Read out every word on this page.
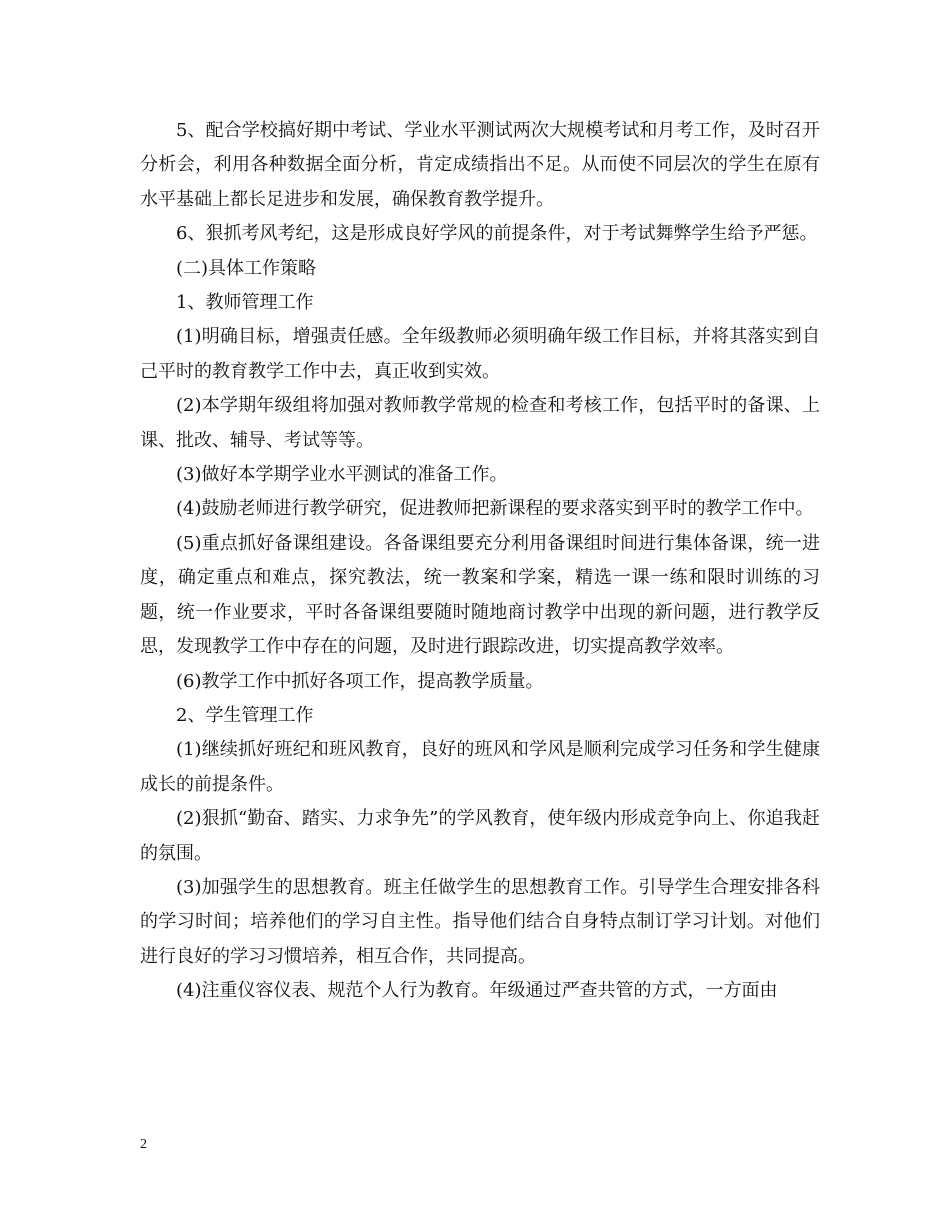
5、配合学校搞好期中考试、学业水平测试两次大规模考试和月考工作，及时召开分析会，利用各种数据全面分析，肯定成绩指出不足。从而使不同层次的学生在原有水平基础上都长足进步和发展，确保教育教学提升。

6、狠抓考风考纪，这是形成良好学风的前提条件，对于考试舞弊学生给予严惩。

(二)具体工作策略

1、教师管理工作

(1)明确目标，增强责任感。全年级教师必须明确年级工作目标，并将其落实到自己平时的教育教学工作中去，真正收到实效。

(2)本学期年级组将加强对教师教学常规的检查和考核工作，包括平时的备课、上课、批改、辅导、考试等等。

(3)做好本学期学业水平测试的准备工作。

(4)鼓励老师进行教学研究，促进教师把新课程的要求落实到平时的教学工作中。

(5)重点抓好备课组建设。各备课组要充分利用备课组时间进行集体备课，统一进度，确定重点和难点，探究教法，统一教案和学案，精选一课一练和限时训练的习题，统一作业要求，平时各备课组要随时随地商讨教学中出现的新问题，进行教学反思，发现教学工作中存在的问题，及时进行跟踪改进，切实提高教学效率。

(6)教学工作中抓好各项工作，提高教学质量。

2、学生管理工作

(1)继续抓好班纪和班风教育，良好的班风和学风是顺利完成学习任务和学生健康成长的前提条件。

(2)狠抓“勤奋、踏实、力求争先”的学风教育，使年级内形成竞争向上、你追我赶的氛围。

(3)加强学生的思想教育。班主任做学生的思想教育工作。引导学生合理安排各科的学习时间；培养他们的学习自主性。指导他们结合自身特点制订学习计划。对他们进行良好的学习习惯培养，相互合作，共同提高。

(4)注重仪容仪表、规范个人行为教育。年级通过严查共管的方式，一方面由

2
